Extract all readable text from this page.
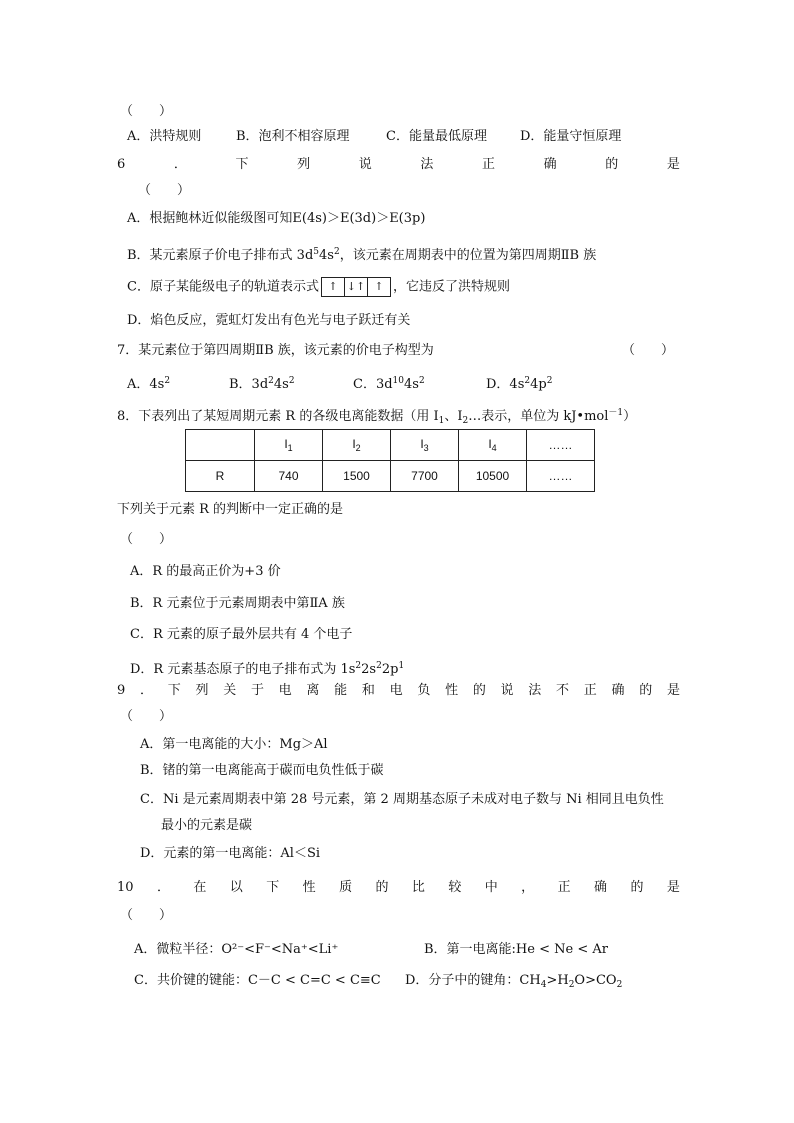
（　　）
A．洪特规则	B．泡利不相容原理	C．能量最低原理	D．能量守恒原理
6	．	下	列	说	法	正	确	的	是
（　　）
A．根据鲍林近似能级图可知E(4s)＞E(3d)＞E(3p)
B．某元素原子价电子排布式 $3d^54s^2$，该元素在周期表中的位置为第四周期ⅡB 族
C．原子某能级电子的轨道表示式 ↑ ↓↑ ↑ ，它违反了洪特规则
D．焰色反应，霓虹灯发出有色光与电子跃迁有关
7．某元素位于第四周期ⅡB 族，该元素的价电子构型为	（　　）
A．$4s^2$	B．$3d^24s^2$	C．$3d^{10}4s^2$	D．$4s^24p^2$
8．下表列出了某短周期元素 R 的各级电离能数据（用 $I_1$、$I_2\dots$表示，单位为 kJ•mol$^{-1}$）
	$I_1$	$I_2$	$I_3$	$I_4$	……
R	740	1500	7700	10500	……
下列关于元素 R 的判断中一定正确的是
（　　）
A．R 的最高正价为+3 价
B．R 元素位于元素周期表中第ⅡA 族
C．R 元素的原子最外层共有 4 个电子
D．R 元素基态原子的电子排布式为 $1s^22s^22p^1$
9 ． 下 列 关 于 电 离 能 和 电 负 性 的 说 法 不 正 确 的 是
（　　）
A．第一电离能的大小：Mg＞Al
B．锗的第一电离能高于碳而电负性低于碳
C．Ni 是元素周期表中第 28 号元素，第 2 周期基态原子未成对电子数与 Ni 相同且电负性
最小的元素是碳
D．元素的第一电离能：Al＜Si
10 ． 在 以 下 性 质 的 比 较 中 ， 正 确 的 是
（　　）
A．微粒半径：O²⁻<F⁻<Na⁺<Li⁺	B．第一电离能:He < Ne < Ar
C．共价键的键能：C－C < C=C < C≡C D．分子中的键角：$CH_4>H_2O>CO_2$
